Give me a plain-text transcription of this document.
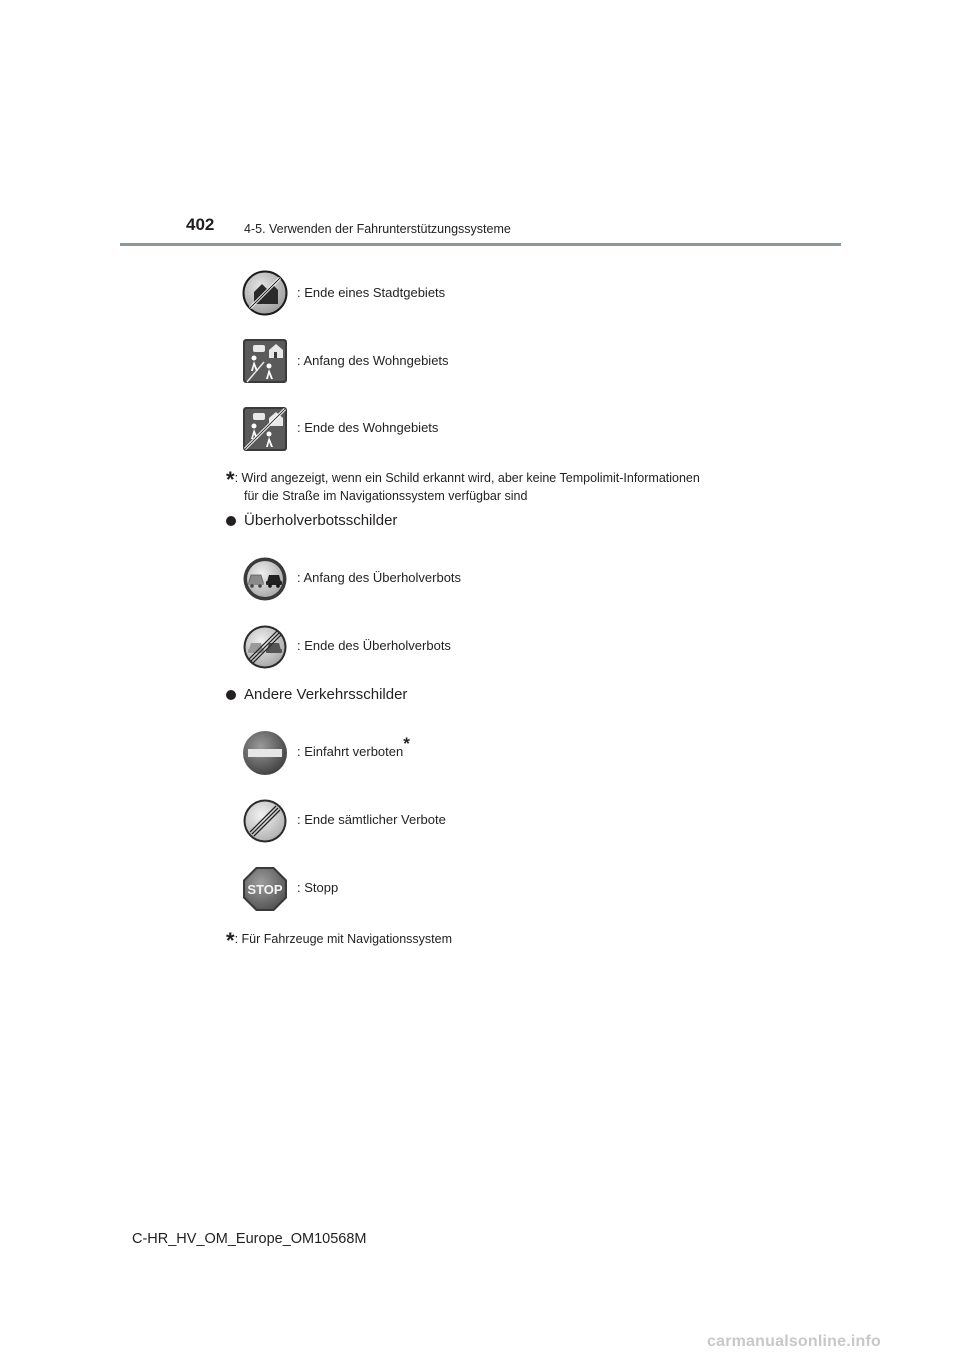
402 4-5. Verwenden der Fahrunterstützungssysteme
: Ende eines Stadtgebiets
: Anfang des Wohngebiets
: Ende des Wohngebiets
*: Wird angezeigt, wenn ein Schild erkannt wird, aber keine Tempolimit-Informationen
für die Straße im Navigationssystem verfügbar sind
Überholverbotsschilder
: Anfang des Überholverbots
: Ende des Überholverbots
Andere Verkehrsschilder
: Einfahrt verboten*
: Ende sämtlicher Verbote
STOP : Stopp
*: Für Fahrzeuge mit Navigationssystem
C-HR_HV_OM_Europe_OM10568M
carmanualsonline.info
